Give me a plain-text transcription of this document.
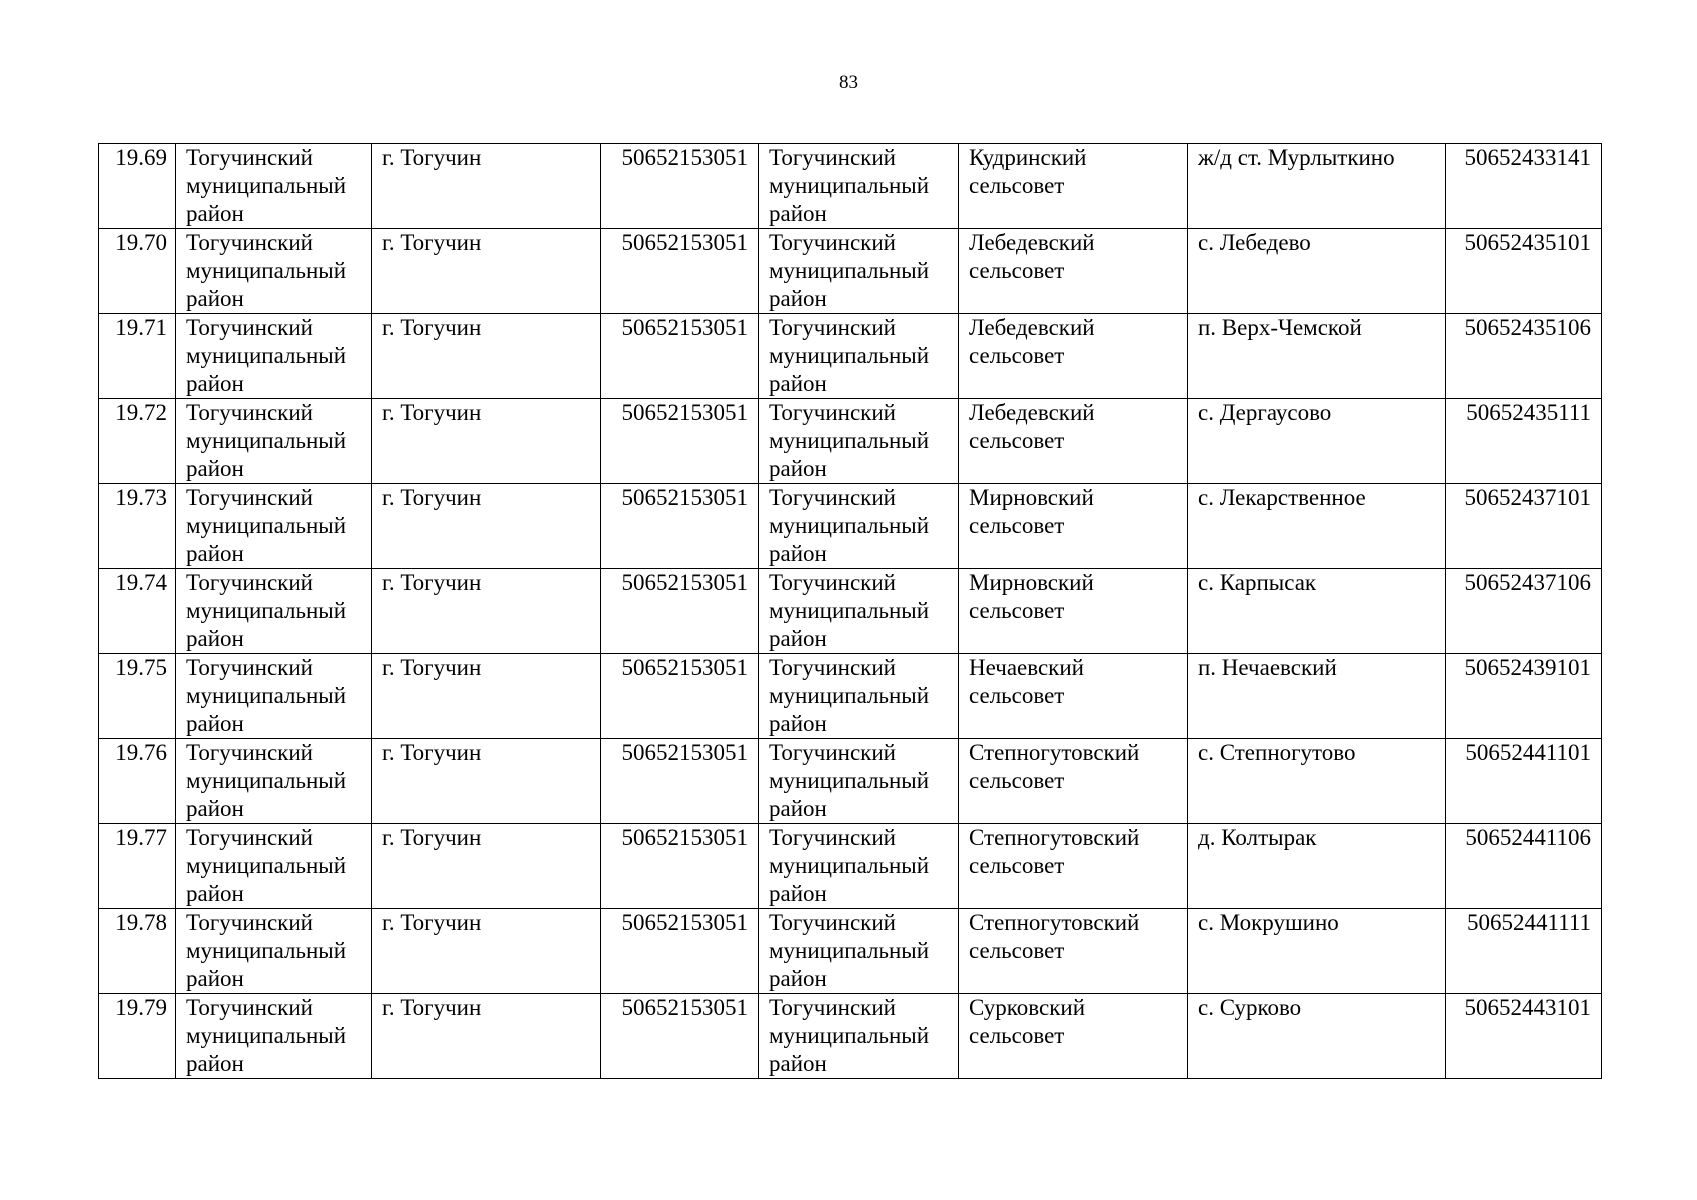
83
19.69	Тогучинский муниципальный район	г. Тогучин	50652153051	Тогучинский муниципальный район	Кудринский сельсовет	ж/д ст. Мурлыткино	50652433141
19.70	Тогучинский муниципальный район	г. Тогучин	50652153051	Тогучинский муниципальный район	Лебедевский сельсовет	с. Лебедево	50652435101
19.71	Тогучинский муниципальный район	г. Тогучин	50652153051	Тогучинский муниципальный район	Лебедевский сельсовет	п. Верх-Чемской	50652435106
19.72	Тогучинский муниципальный район	г. Тогучин	50652153051	Тогучинский муниципальный район	Лебедевский сельсовет	с. Дергаусово	50652435111
19.73	Тогучинский муниципальный район	г. Тогучин	50652153051	Тогучинский муниципальный район	Мирновский сельсовет	с. Лекарственное	50652437101
19.74	Тогучинский муниципальный район	г. Тогучин	50652153051	Тогучинский муниципальный район	Мирновский сельсовет	с. Карпысак	50652437106
19.75	Тогучинский муниципальный район	г. Тогучин	50652153051	Тогучинский муниципальный район	Нечаевский сельсовет	п. Нечаевский	50652439101
19.76	Тогучинский муниципальный район	г. Тогучин	50652153051	Тогучинский муниципальный район	Степногутовский сельсовет	с. Степногутово	50652441101
19.77	Тогучинский муниципальный район	г. Тогучин	50652153051	Тогучинский муниципальный район	Степногутовский сельсовет	д. Колтырак	50652441106
19.78	Тогучинский муниципальный район	г. Тогучин	50652153051	Тогучинский муниципальный район	Степногутовский сельсовет	с. Мокрушино	50652441111
19.79	Тогучинский муниципальный район	г. Тогучин	50652153051	Тогучинский муниципальный район	Сурковский сельсовет	с. Сурково	50652443101
